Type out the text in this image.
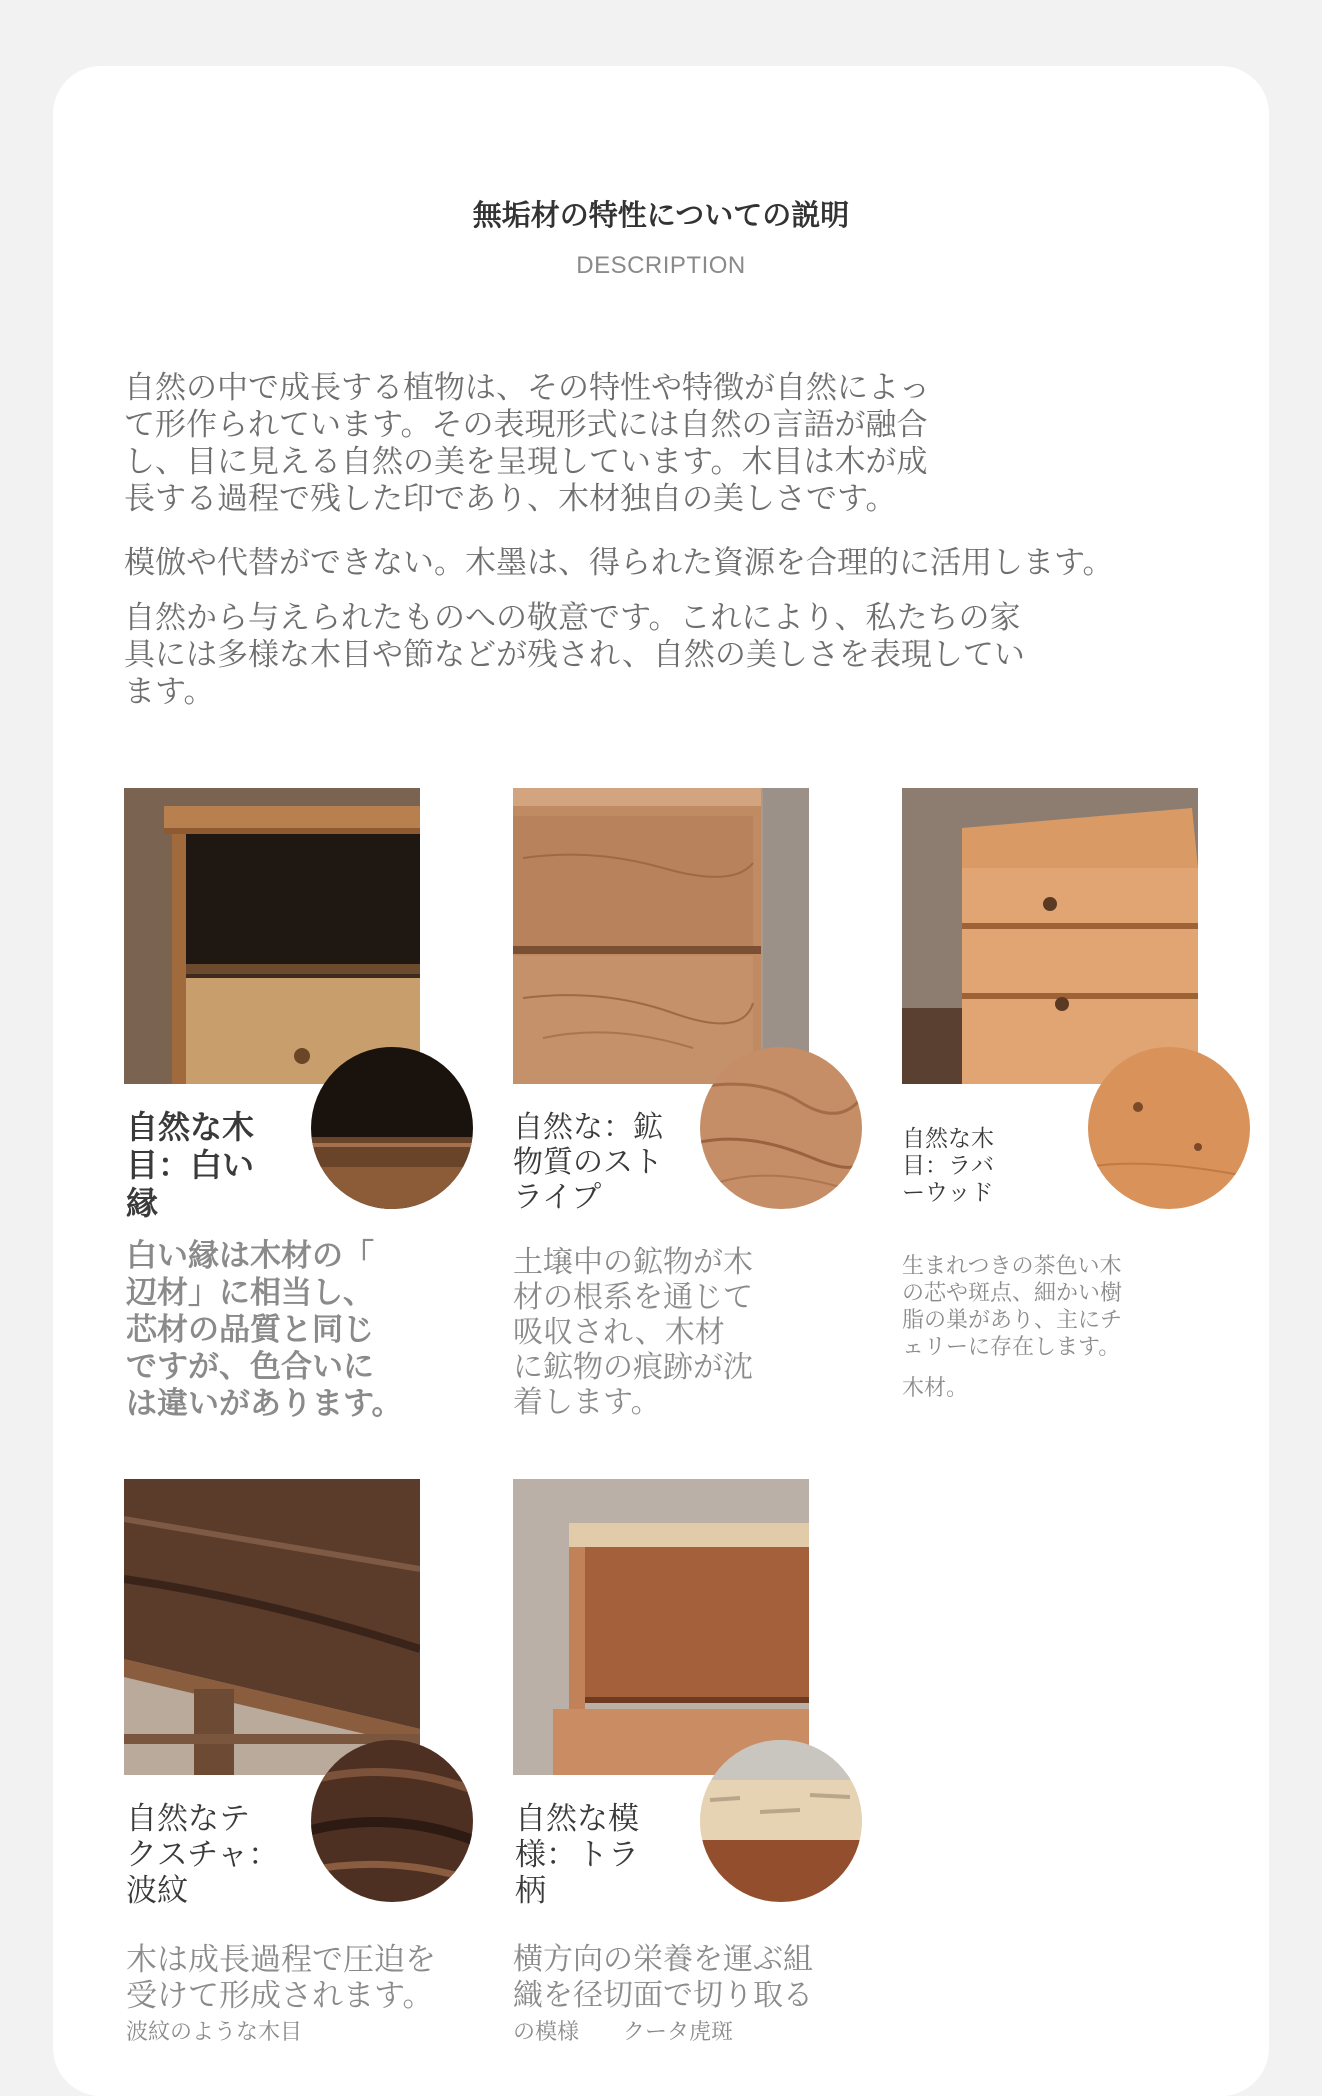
無垢材の特性についての説明
DESCRIPTION
自然の中で成長する植物は、その特性や特徴が自然によっ
て形作られています。その表現形式には自然の言語が融合
し、目に見える自然の美を呈現しています。木目は木が成
長する過程で残した印であり、木材独自の美しさです。
模倣や代替ができない。木墨は、得られた資源を合理的に活用します。
自然から与えられたものへの敬意です。これにより、私たちの家
具には多様な木目や節などが残され、自然の美しさを表現してい
ます。
自然な木
目：白い
縁
白い縁は木材の「
辺材」に相当し、
芯材の品質と同じ
ですが、色合いに
は違いがあります。
自然な：鉱
物質のスト
ライプ
土壌中の鉱物が木
材の根系を通じて
吸収され、木材
に鉱物の痕跡が沈
着します。
自然な木
目：ラバ
ーウッド
生まれつきの茶色い木
の芯や斑点、細かい樹
脂の巣があり、主にチ
ェリーに存在します。
木材。
自然なテ
クスチャ：
波紋
木は成長過程で圧迫を
受けて形成されます。
波紋のような木目
自然な模
様：トラ
柄
横方向の栄養を運ぶ組
織を径切面で切り取る
の模様　　クータ虎斑
